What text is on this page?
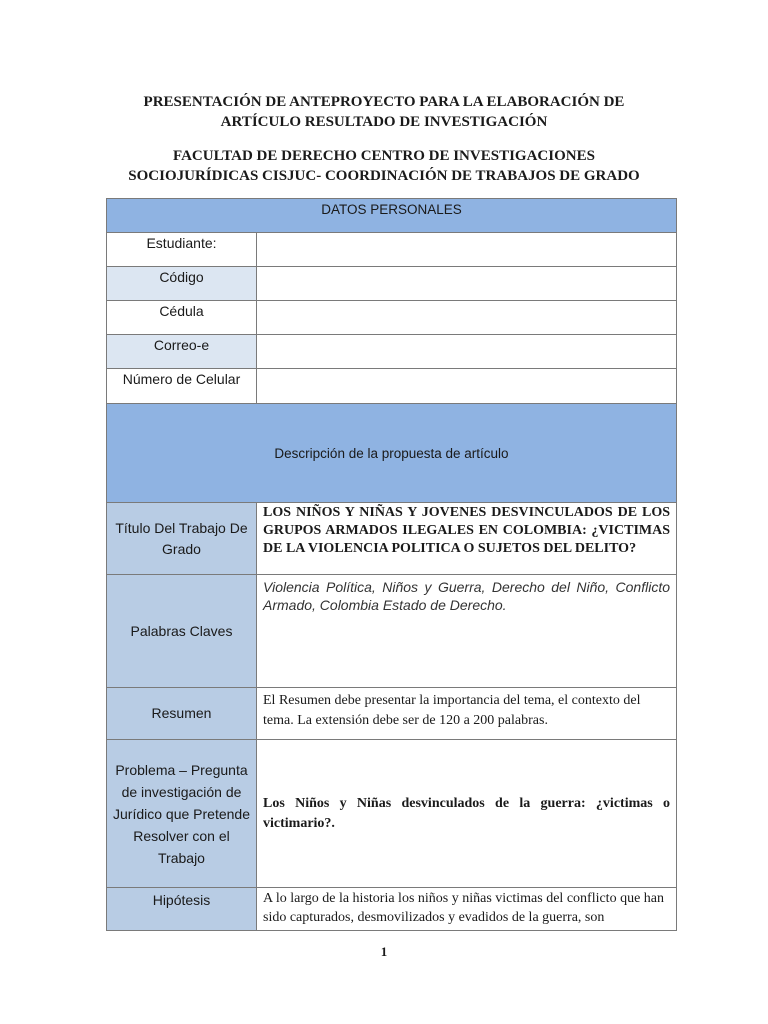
PRESENTACIÓN DE ANTEPROYECTO PARA LA ELABORACIÓN DE
ARTÍCULO RESULTADO DE INVESTIGACIÓN
FACULTAD DE DERECHO CENTRO DE INVESTIGACIONES
SOCIOJURÍDICAS CISJUC- COORDINACIÓN DE TRABAJOS DE GRADO
DATOS PERSONALES	
Estudiante:	
Código	
Cédula	
Correo-e	
Número de Celular	
Descripción de la propuesta de artículo	
Título Del Trabajo De Grado	LOS NIÑOS Y NIÑAS Y JOVENES DESVINCULADOS DE LOS GRUPOS ARMADOS ILEGALES EN COLOMBIA: ¿VICTIMAS DE LA VIOLENCIA POLITICA O SUJETOS DEL DELITO?
Palabras Claves	Violencia Política, Niños y Guerra, Derecho del Niño, Conflicto Armado, Colombia Estado de Derecho.
Resumen	El Resumen debe presentar la importancia del tema, el contexto del tema. La extensión debe ser de 120 a 200 palabras.
Problema – Pregunta de investigación de Jurídico que Pretende Resolver con el Trabajo	Los Niños y Niñas desvinculados de la guerra: ¿victimas o victimario?.
Hipótesis	A lo largo de la historia los niños y niñas victimas del conflicto que han sido capturados, desmovilizados y evadidos de la guerra, son
1
